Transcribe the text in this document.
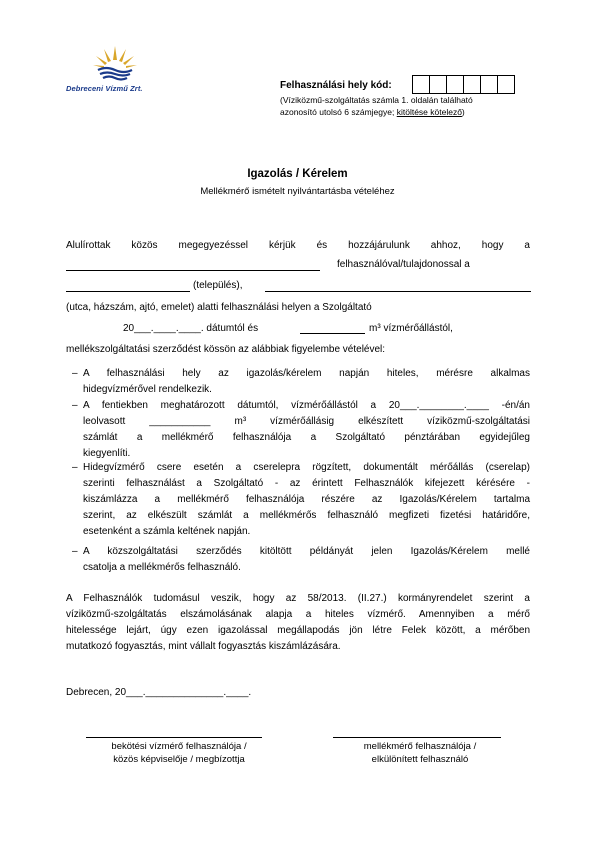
Debreceni Vízmű Zrt.	Felhasználási hely kód:
(Víziközmű-szolgáltatás számla 1. oldalán található
azonosító utolsó 6 számjegye; kitöltése kötelező)
Igazolás / Kérelem
Mellékmérő ismételt nyilvántartásba vételéhez
Alulírottak közös megegyezéssel kérjük és hozzájárulunk ahhoz, hogy a
felhasználóval/tulajdonossal a
(település),
(utca, házszám, ajtó, emelet) alatti felhasználási helyen a Szolgáltató
20___.____.____. dátumtól és	m³ vízmérőállástól,
mellékszolgáltatási szerződést kössön az alábbiak figyelembe vételével:
– A felhasználási hely az igazolás/kérelem napján hiteles, mérésre alkalmas
hidegvízmérővel rendelkezik.
– A fentiekben meghatározott dátumtól, vízmérőállástól a 20___.________.____ -én/án
leolvasott ___________ m³ vízmérőállásig elkészített víziközmű-szolgáltatási
számlát a mellékmérő felhasználója a Szolgáltató pénztárában egyidejűleg
kiegyenlíti.
– Hidegvízmérő csere esetén a cserelepra rögzített, dokumentált mérőállás (cserelap)
szerinti felhasználást a Szolgáltató - az érintett Felhasználók kifejezett kérésére -
kiszámlázza a mellékmérő felhasználója részére az Igazolás/Kérelem tartalma
szerint, az elkészült számlát a mellékmérős felhasználó megfizeti fizetési határidőre,
esetenként a számla keltének napján.
– A közszolgáltatási szerződés kitöltött példányát jelen Igazolás/Kérelem mellé
csatolja a mellékmérős felhasználó.
A Felhasználók tudomásul veszik, hogy az 58/2013. (II.27.) kormányrendelet szerint a
víziközmű-szolgáltatás elszámolásának alapja a hiteles vízmérő. Amennyiben a mérő
hitelessége lejárt, úgy ezen igazolással megállapodás jön létre Felek között, a mérőben
mutatkozó fogyasztás, mint vállalt fogyasztás kiszámlázására.
Debrecen, 20___.______________.____.
bekötési vízmérő felhasználója /
közös képviselője / megbízottja
mellékmérő felhasználója /
elkülönített felhasználó
